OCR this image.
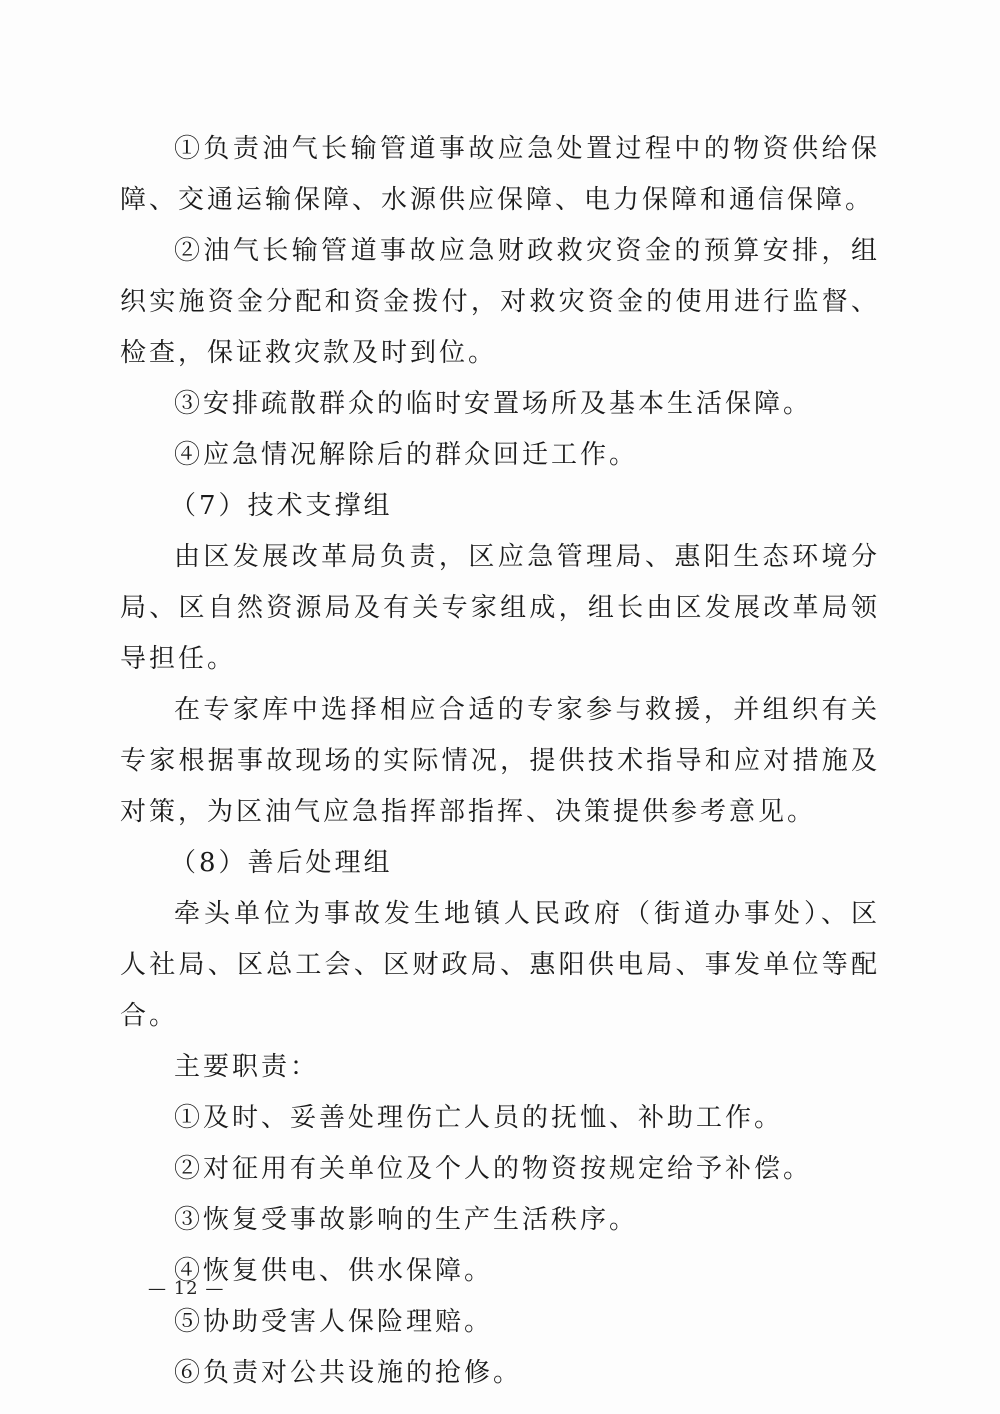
①负责油气长输管道事故应急处置过程中的物资供给保障、交通运输保障、水源供应保障、电力保障和通信保障。

②油气长输管道事故应急财政救灾资金的预算安排，组织实施资金分配和资金拨付，对救灾资金的使用进行监督、检查，保证救灾款及时到位。

③安排疏散群众的临时安置场所及基本生活保障。

④应急情况解除后的群众回迁工作。

（7）技术支撑组

由区发展改革局负责，区应急管理局、惠阳生态环境分局、区自然资源局及有关专家组成，组长由区发展改革局领导担任。

在专家库中选择相应合适的专家参与救援，并组织有关专家根据事故现场的实际情况，提供技术指导和应对措施及对策，为区油气应急指挥部指挥、决策提供参考意见。

（8）善后处理组

牵头单位为事故发生地镇人民政府（街道办事处）、区人社局、区总工会、区财政局、惠阳供电局、事发单位等配合。

主要职责：

①及时、妥善处理伤亡人员的抚恤、补助工作。

②对征用有关单位及个人的物资按规定给予补偿。

③恢复受事故影响的生产生活秩序。

④恢复供电、供水保障。

⑤协助受害人保险理赔。

⑥负责对公共设施的抢修。

— 12 —
